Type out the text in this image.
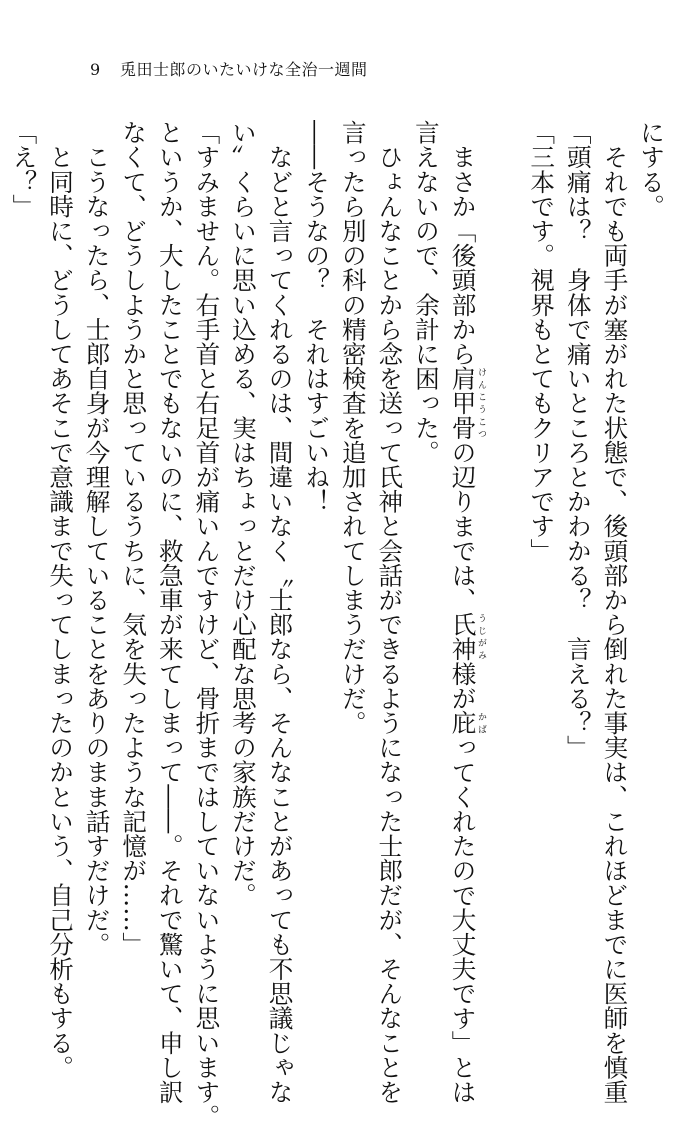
9 兎田士郎のいたいけな全治一週間
にする。
　それでも両手が塞がれた状態で、後頭部から倒れた事実は、これほどまでに医師を慎重
「頭痛は？　身体で痛いところとかわかる？　言える？」
「三本です。視界もとてもクリアです」

　まさか「後頭部から肩甲骨けんこうこつの辺りまでは、氏神うじがみ様が庇かばってくれたので大丈夫です」とは
言えないので、余計に困った。
　ひょんなことから念を送って氏神と会話ができるようになった士郎だが、そんなことを
言ったら別の科の精密検査を追加されてしまうだけだ。
――そうなの？　それはすごいね！
　などと言ってくれるのは、間違いなく〝士郎なら、そんなことがあっても不思議じゃな
い〟くらいに思い込める、実はちょっとだけ心配な思考の家族だけだ。
「すみません。右手首と右足首が痛いんですけど、骨折まではしていないように思います。
というか、大したことでもないのに、救急車が来てしまって――。それで驚いて、申し訳
なくて、どうしようかと思っているうちに、気を失ったような記憶が……」
　こうなったら、士郎自身が今理解していることをありのまま話すだけだ。
　と同時に、どうしてあそこで意識まで失ってしまったのかという、自己分析もする。
「え？」
